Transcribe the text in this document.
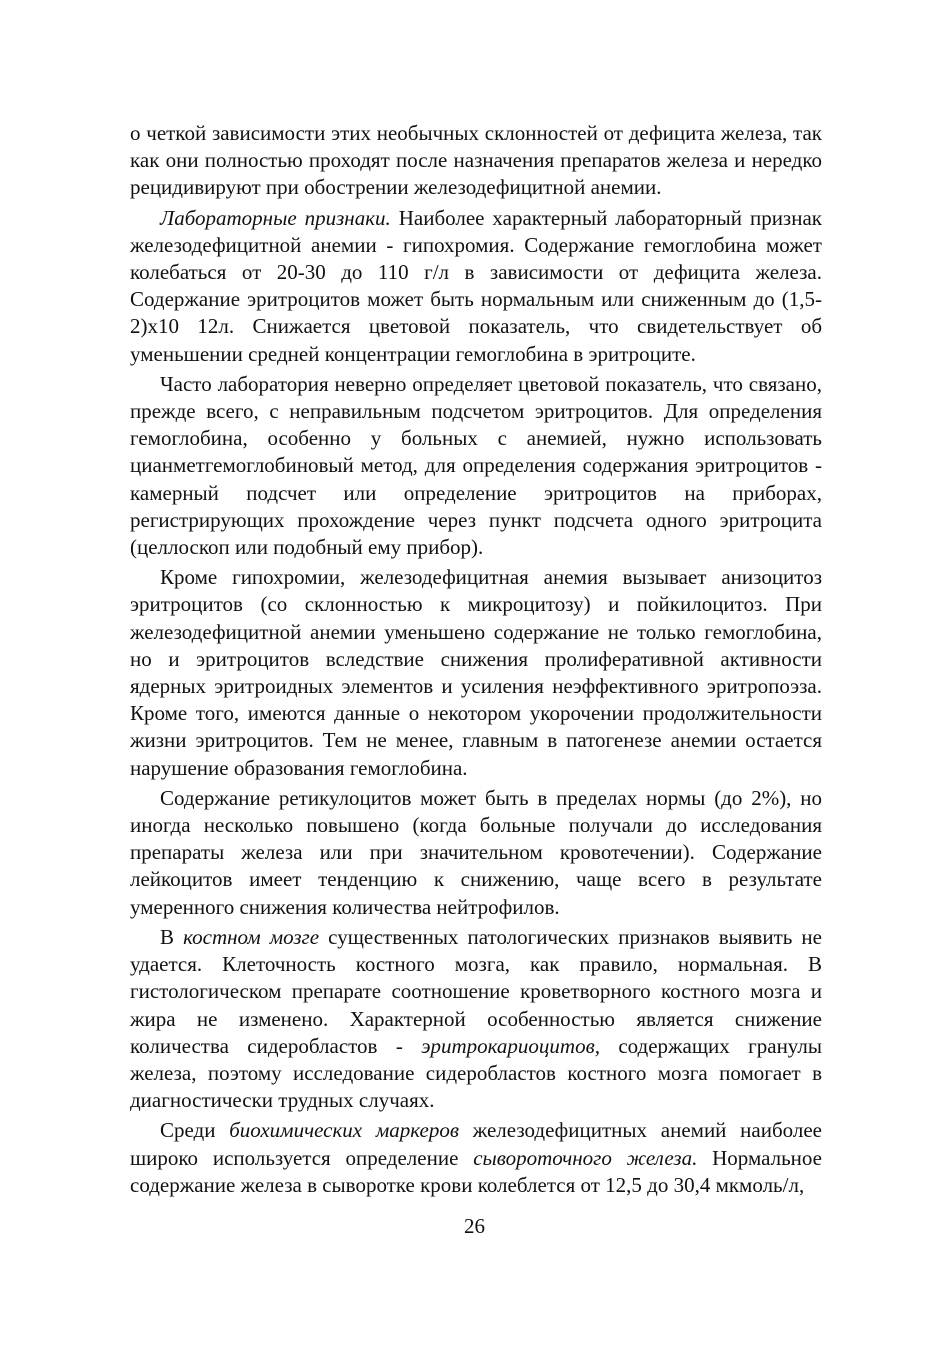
о четкой зависимости этих необычных склонностей от дефицита железа, так как они полностью проходят после назначения препаратов железа и нередко рецидивируют при обострении железодефицитной анемии.

Лабораторные признаки. Наиболее характерный лабораторный признак железодефицитной анемии - гипохромия. Содержание гемоглобина может колебаться от 20-30 до 110 г/л в зависимости от дефицита железа. Содержание эритроцитов может быть нормальным или сниженным до (1,5-2)х10 12л. Снижается цветовой показатель, что свидетельствует об уменьшении средней концентрации гемоглобина в эритроците.

Часто лаборатория неверно определяет цветовой показатель, что связано, прежде всего, с неправильным подсчетом эритроцитов. Для определения гемоглобина, особенно у больных с анемией, нужно использовать цианметгемоглобиновый метод, для определения содержания эритроцитов - камерный подсчет или определение эритроцитов на приборах, регистрирующих прохождение через пункт подсчета одного эритроцита (целлоскоп или подобный ему прибор).

Кроме гипохромии, железодефицитная анемия вызывает анизоцитоз эритроцитов (со склонностью к микроцитозу) и пойкилоцитоз. При железодефицитной анемии уменьшено содержание не только гемоглобина, но и эритроцитов вследствие снижения пролиферативной активности ядерных эритроидных элементов и усиления неэффективного эритропоэза. Кроме того, имеются данные о некотором укорочении продолжительности жизни эритроцитов. Тем не менее, главным в патогенезе анемии остается нарушение образования гемоглобина.

Содержание ретикулоцитов может быть в пределах нормы (до 2%), но иногда несколько повышено (когда больные получали до исследования препараты железа или при значительном кровотечении). Содержание лейкоцитов имеет тенденцию к снижению, чаще всего в результате умеренного снижения количества нейтрофилов.

В костном мозге существенных патологических признаков выявить не удается. Клеточность костного мозга, как правило, нормальная. В гистологическом препарате соотношение кроветворного костного мозга и жира не изменено. Характерной особенностью является снижение количества сидеробластов - эритрокариоцитов, содержащих гранулы железа, поэтому исследование сидеробластов костного мозга помогает в диагностически трудных случаях.

Среди биохимических маркеров железодефицитных анемий наиболее широко используется определение сывороточного железа. Нормальное содержание железа в сыворотке крови колеблется от 12,5 до 30,4 мкмоль/л,

26
